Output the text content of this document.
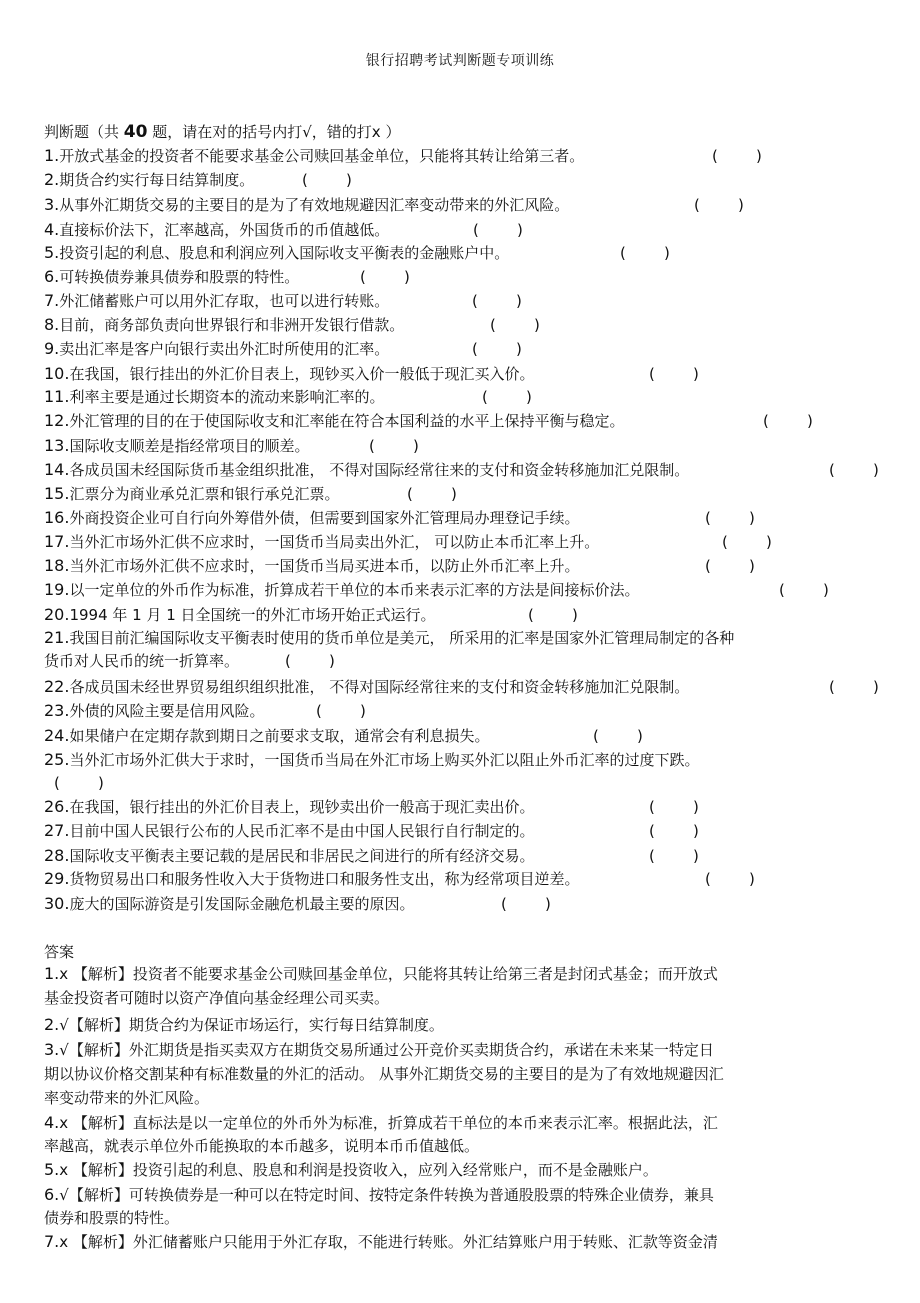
银行招聘考试判断题专项训练
判断题（共 40 题，请在对的括号内打√，错的打x ）
1.开放式基金的投资者不能要求基金公司赎回基金单位，只能将其转让给第三者。	(        )
2.期货合约实行每日结算制度。	(        )
3.从事外汇期货交易的主要目的是为了有效地规避因汇率变动带来的外汇风险。	(        )
4.直接标价法下，汇率越高，外国货币的币值越低。	(        )
5.投资引起的利息、股息和利润应列入国际收支平衡表的金融账户中。	(        )
6.可转换债券兼具债券和股票的特性。	(        )
7.外汇储蓄账户可以用外汇存取，也可以进行转账。	(        )
8.目前，商务部负责向世界银行和非洲开发银行借款。	(        )
9.卖出汇率是客户向银行卖出外汇时所使用的汇率。	(        )
10.在我国，银行挂出的外汇价目表上，现钞买入价一般低于现汇买入价。	(        )
11.利率主要是通过长期资本的流动来影响汇率的。	(        )
12.外汇管理的目的在于使国际收支和汇率能在符合本国利益的水平上保持平衡与稳定。	(        )
13.国际收支顺差是指经常项目的顺差。	(        )
14.各成员国未经国际货币基金组织批准， 不得对国际经常往来的支付和资金转移施加汇兑限制。	(        )
15.汇票分为商业承兑汇票和银行承兑汇票。	(        )
16.外商投资企业可自行向外筹借外债，但需要到国家外汇管理局办理登记手续。	(        )
17.当外汇市场外汇供不应求时，一国货币当局卖出外汇， 可以防止本币汇率上升。	(        )
18.当外汇市场外汇供不应求时，一国货币当局买进本币，以防止外币汇率上升。	(        )
19.以一定单位的外币作为标准，折算成若干单位的本币来表示汇率的方法是间接标价法。	(        )
20.1994 年 1 月 1 日全国统一的外汇市场开始正式运行。	(        )
21.我国目前汇编国际收支平衡表时使用的货币单位是美元， 所采用的汇率是国家外汇管理局制定的各种
货币对人民币的统一折算率。	(        )
22.各成员国未经世界贸易组织组织批准， 不得对国际经常往来的支付和资金转移施加汇兑限制。	(        )
23.外债的风险主要是信用风险。	(        )
24.如果储户在定期存款到期日之前要求支取，通常会有利息损失。	(        )
25.当外汇市场外汇供大于求时，一国货币当局在外汇市场上购买外汇以阻止外币汇率的过度下跌。
(        )
26.在我国，银行挂出的外汇价目表上，现钞卖出价一般高于现汇卖出价。	(        )
27.目前中国人民银行公布的人民币汇率不是由中国人民银行自行制定的。	(        )
28.国际收支平衡表主要记载的是居民和非居民之间进行的所有经济交易。	(        )
29.货物贸易出口和服务性收入大于货物进口和服务性支出，称为经常项目逆差。	(        )
30.庞大的国际游资是引发国际金融危机最主要的原因。	(        )
答案
1.x 【解析】投资者不能要求基金公司赎回基金单位，只能将其转让给第三者是封闭式基金；而开放式
基金投资者可随时以资产净值向基金经理公司买卖。
2.√【解析】期货合约为保证市场运行，实行每日结算制度。
3.√【解析】外汇期货是指买卖双方在期货交易所通过公开竞价买卖期货合约，承诺在未来某一特定日
期以协议价格交割某种有标准数量的外汇的活动。 从事外汇期货交易的主要目的是为了有效地规避因汇
率变动带来的外汇风险。
4.x 【解析】直标法是以一定单位的外币外为标准，折算成若干单位的本币来表示汇率。根据此法，汇
率越高，就表示单位外币能换取的本币越多，说明本币币值越低。
5.x 【解析】投资引起的利息、股息和利润是投资收入，应列入经常账户，而不是金融账户。
6.√【解析】可转换债券是一种可以在特定时间、按特定条件转换为普通股股票的特殊企业债券，兼具
债券和股票的特性。
7.x 【解析】外汇储蓄账户只能用于外汇存取，不能进行转账。外汇结算账户用于转账、汇款等资金清
